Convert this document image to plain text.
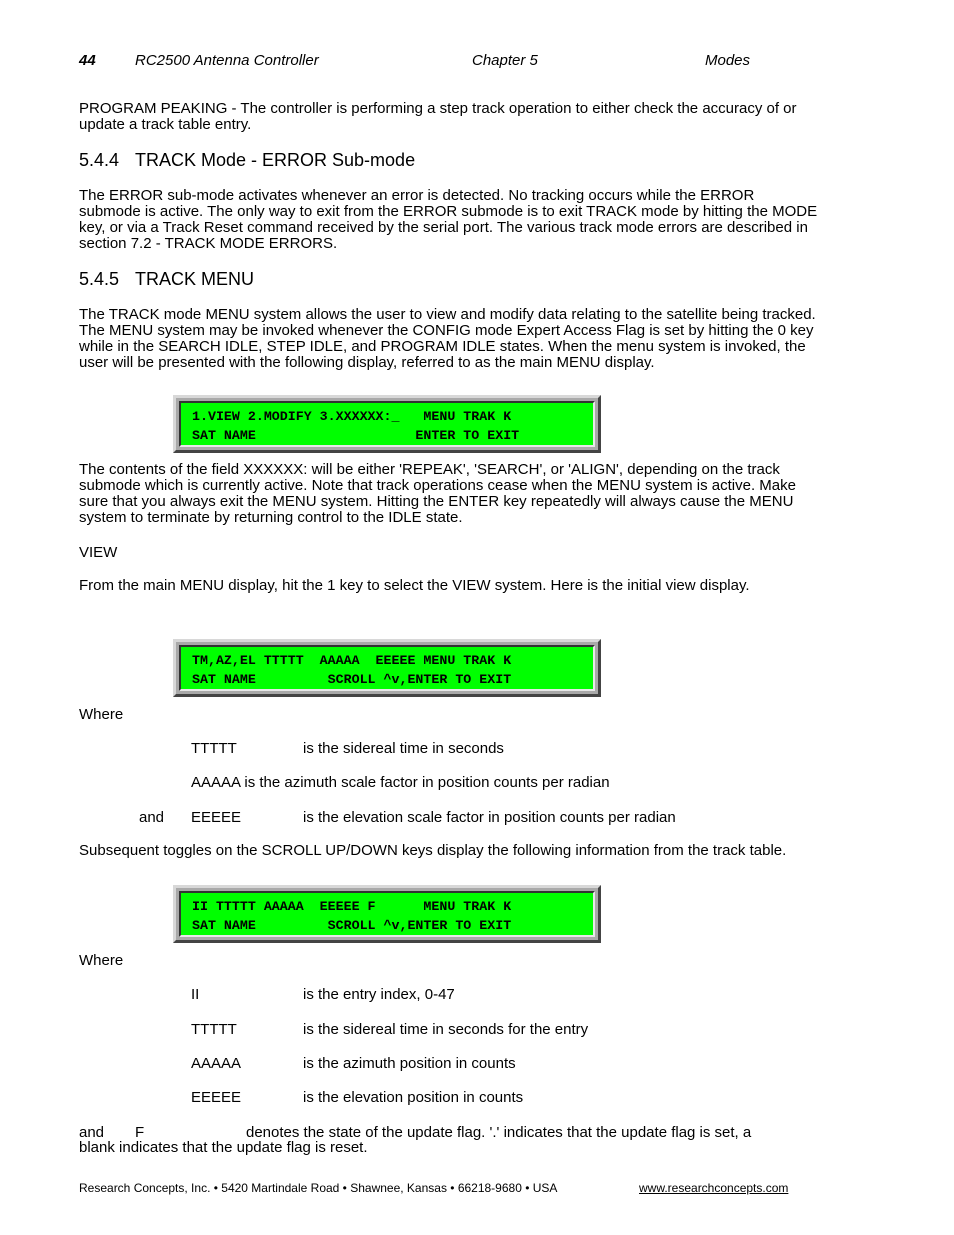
44	RC2500 Antenna Controller	Chapter 5	Modes

PROGRAM PEAKING - The controller is performing a step track operation to either check the accuracy of or update a track table entry.

5.4.4 TRACK Mode - ERROR Sub-mode

The ERROR sub-mode activates whenever an error is detected. No tracking occurs while the ERROR submode is active. The only way to exit from the ERROR submode is to exit TRACK mode by hitting the MODE key, or via a Track Reset command received by the serial port. The various track mode errors are described in section 7.2 - TRACK MODE ERRORS.

5.4.5 TRACK MENU

The TRACK mode MENU system allows the user to view and modify data relating to the satellite being tracked. The MENU system may be invoked whenever the CONFIG mode Expert Access Flag is set by hitting the 0 key while in the SEARCH IDLE, STEP IDLE, and PROGRAM IDLE states. When the menu system is invoked, the user will be presented with the following display, referred to as the main MENU display.

1.VIEW 2.MODIFY 3.XXXXXX:_   MENU TRAK K
SAT NAME                    ENTER TO EXIT

The contents of the field XXXXXX: will be either 'REPEAK', 'SEARCH', or 'ALIGN', depending on the track submode which is currently active. Note that track operations cease when the MENU system is active. Make sure that you always exit the MENU system. Hitting the ENTER key repeatedly will always cause the MENU system to terminate by returning control to the IDLE state.

VIEW

From the main MENU display, hit the 1 key to select the VIEW system. Here is the initial view display.

TM,AZ,EL TTTTT  AAAAA  EEEEE MENU TRAK K
SAT NAME         SCROLL ^v,ENTER TO EXIT
Where
TTTTT	is the sidereal time in seconds
AAAAA is the azimuth scale factor in position counts per radian
and EEEEE	is the elevation scale factor in position counts per radian

Subsequent toggles on the SCROLL UP/DOWN keys display the following information from the track table.

II TTTTT AAAAA  EEEEE F      MENU TRAK K
SAT NAME         SCROLL ^v,ENTER TO EXIT
Where
II	is the entry index, 0-47
TTTTT	is the sidereal time in seconds for the entry
AAAAA	is the azimuth position in counts
EEEEE	is the elevation position in counts
and F	denotes the state of the update flag. '.' indicates that the update flag is set, a
blank indicates that the update flag is reset.
Research Concepts, Inc. • 5420 Martindale Road • Shawnee, Kansas • 66218-9680 • USA	www.researchconcepts.com
